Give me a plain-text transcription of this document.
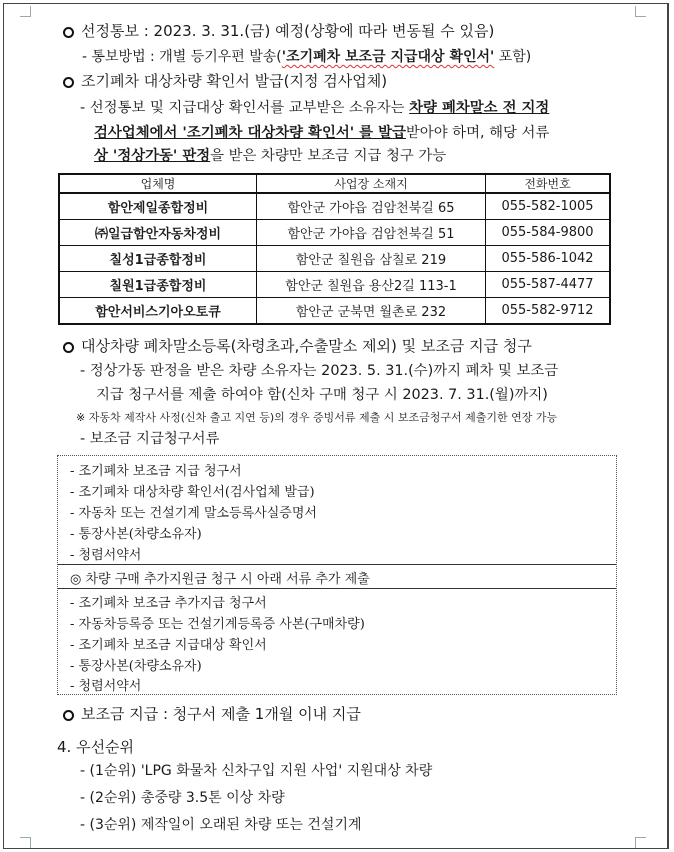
선정통보 : 2023. 3. 31.(금) 예정(상황에 따라 변동될 수 있음)
- 통보방법 : 개별 등기우편 발송('조기폐차 보조금 지급대상 확인서' 포함)
조기폐차 대상차량 확인서 발급(지정 검사업체)
- 선정통보 및 지급대상 확인서를 교부받은 소유자는 차량 폐차말소 전 지정
검사업체에서 '조기폐차 대상차량 확인서' 를 발급받아야 하며, 해당 서류
상 '정상가동' 판정을 받은 차량만 보조금 지급 청구 가능
업체명	사업장 소재지	전화번호
함안제일종합정비	함안군 가야읍 검암천북길 65	055-582-1005
㈜일급함안자동차정비	함안군 가야읍 검암천북길 51	055-584-9800
칠성1급종합정비	함안군 칠원읍 삼칠로 219	055-586-1042
칠원1급종합정비	함안군 칠원읍 용산2길 113-1	055-587-4477
함안서비스기아오토큐	함안군 군북면 월촌로 232	055-582-9712
대상차량 폐차말소등록(차령초과,수출말소 제외) 및 보조금 지급 청구
- 정상가동 판정을 받은 차량 소유자는 2023. 5. 31.(수)까지 폐차 및 보조금
지급 청구서를 제출 하여야 함(신차 구매 청구 시 2023. 7. 31.(월)까지)
※ 자동차 제작사 사정(신차 출고 지연 등)의 경우 증빙서류 제출 시 보조금청구서 제출기한 연장 가능
- 보조금 지급청구서류
- 조기폐차 보조금 지급 청구서
- 조기폐차 대상차량 확인서(검사업체 발급)
- 자동차 또는 건설기계 말소등록사실증명서
- 통장사본(차량소유자)
- 청렴서약서
◎ 차량 구매 추가지원금 청구 시 아래 서류 추가 제출
- 조기폐차 보조금 추가지급 청구서
- 자동차등록증 또는 건설기계등록증 사본(구매차량)
- 조기폐차 보조금 지급대상 확인서
- 통장사본(차량소유자)
- 청렴서약서
보조금 지급 : 청구서 제출 1개월 이내 지급
4. 우선순위
- (1순위) 'LPG 화물차 신차구입 지원 사업' 지원대상 차량
- (2순위) 총중량 3.5톤 이상 차량
- (3순위) 제작일이 오래된 차량 또는 건설기계
